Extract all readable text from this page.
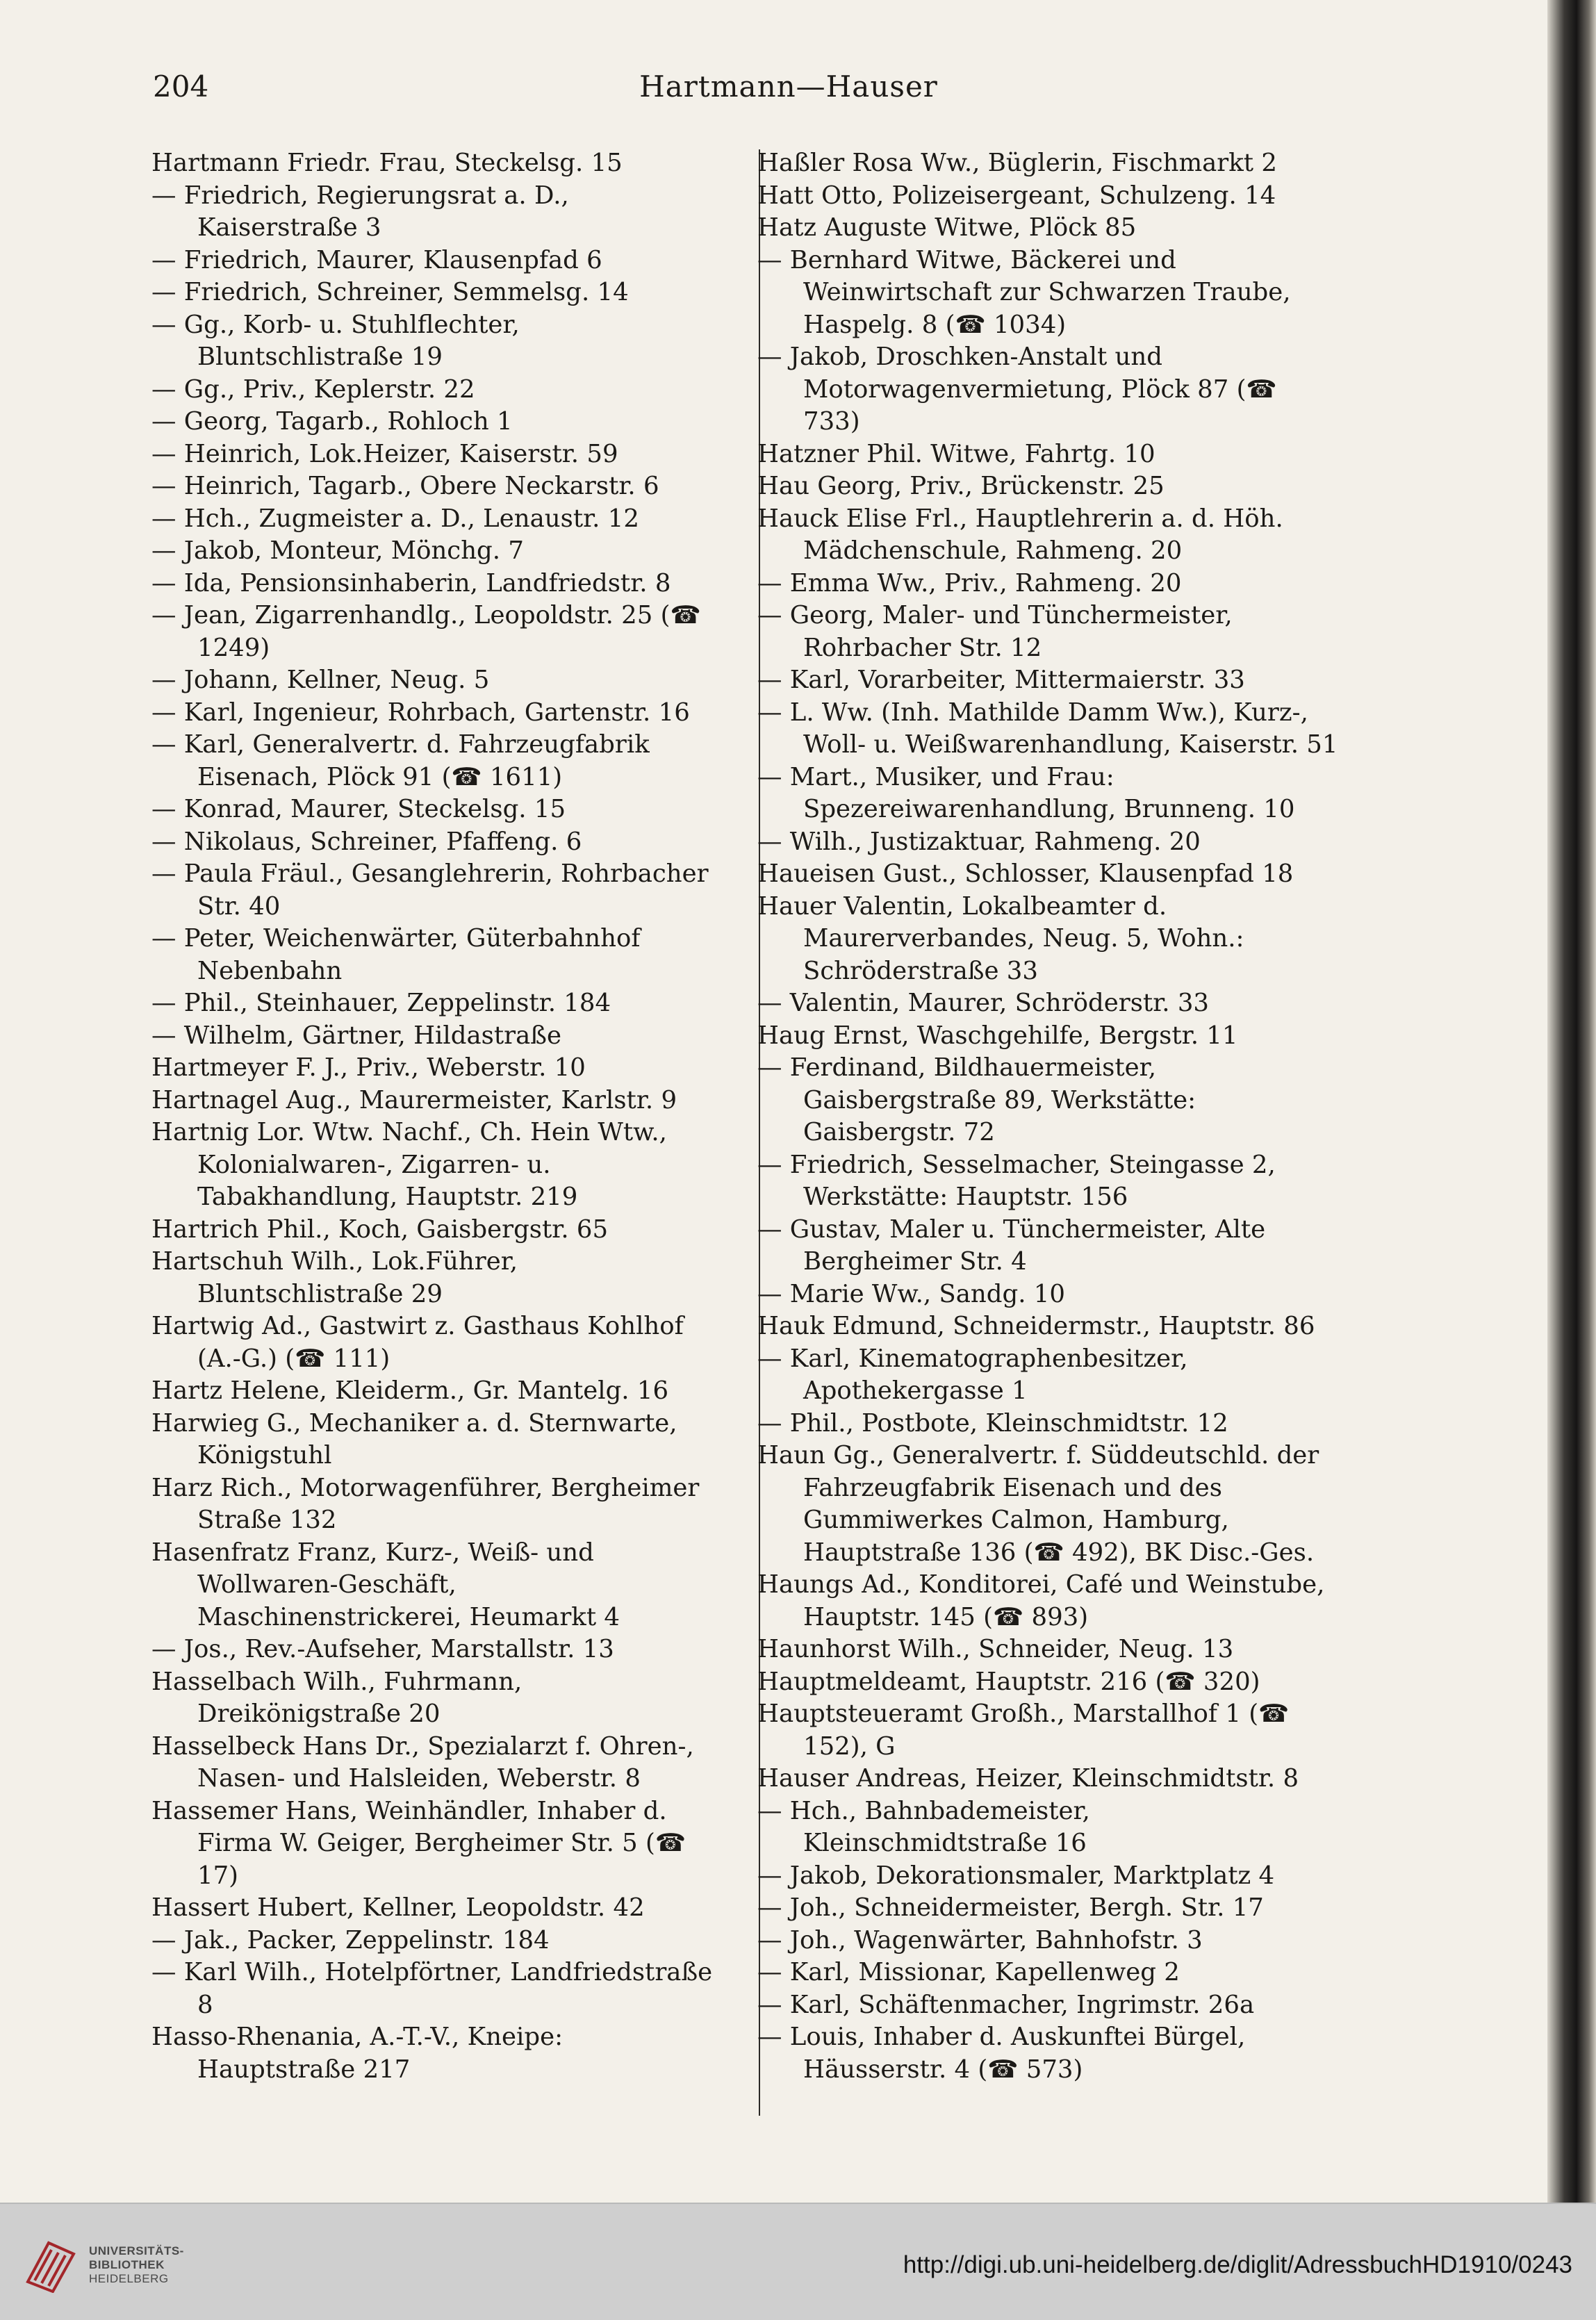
Hartmann—Hauser
204
Hartmann Friedr. Frau, Steckelsg. 15
— Friedrich, Regierungsrat a. D., Kaiserstraße 3
— Friedrich, Maurer, Klausenpfad 6
— Friedrich, Schreiner, Semmelsg. 14
— Gg., Korb- u. Stuhlflechter, Bluntschlistraße 19
— Gg., Priv., Keplerstr. 22
— Georg, Tagarb., Rohloch 1
— Heinrich, Lok.Heizer, Kaiserstr. 59
— Heinrich, Tagarb., Obere Neckarstr. 6
— Hch., Zugmeister a. D., Lenaustr. 12
— Jakob, Monteur, Mönchg. 7
— Ida, Pensionsinhaberin, Landfriedstr. 8
— Jean, Zigarrenhandlg., Leopoldstr. 25 (☎ 1249)
— Johann, Kellner, Neug. 5
— Karl, Ingenieur, Rohrbach, Gartenstr. 16
— Karl, Generalvertr. d. Fahrzeugfabrik Eisenach, Plöck 91 (☎ 1611)
— Konrad, Maurer, Steckelsg. 15
— Nikolaus, Schreiner, Pfaffeng. 6
— Paula Fräul., Gesanglehrerin, Rohrbacher Str. 40
— Peter, Weichenwärter, Güterbahnhof Nebenbahn
— Phil., Steinhauer, Zeppelinstr. 184
— Wilhelm, Gärtner, Hildastraße
Hartmeyer F. J., Priv., Weberstr. 10
Hartnagel Aug., Maurermeister, Karlstr. 9
Hartnig Lor. Wtw. Nachf., Ch. Hein Wtw., Kolonialwaren-, Zigarren- u. Tabakhandlung, Hauptstr. 219
Hartrich Phil., Koch, Gaisbergstr. 65
Hartschuh Wilh., Lok.Führer, Bluntschlistraße 29
Hartwig Ad., Gastwirt z. Gasthaus Kohlhof (A.-G.) (☎ 111)
Hartz Helene, Kleiderm., Gr. Mantelg. 16
Harwieg G., Mechaniker a. d. Sternwarte, Königstuhl
Harz Rich., Motorwagenführer, Bergheimer Straße 132
Hasenfratz Franz, Kurz-, Weiß- und Wollwaren-Geschäft, Maschinenstrickerei, Heumarkt 4
— Jos., Rev.-Aufseher, Marstallstr. 13
Hasselbach Wilh., Fuhrmann, Dreikönigstraße 20
Hasselbeck Hans Dr., Spezialarzt f. Ohren-, Nasen- und Halsleiden, Weberstr. 8
Hassemer Hans, Weinhändler, Inhaber d. Firma W. Geiger, Bergheimer Str. 5 (☎ 17)
Hassert Hubert, Kellner, Leopoldstr. 42
— Jak., Packer, Zeppelinstr. 184
— Karl Wilh., Hotelpförtner, Landfriedstraße 8
Hasso-Rhenania, A.-T.-V., Kneipe: Hauptstraße 217
Haßler Rosa Ww., Büglerin, Fischmarkt 2
Hatt Otto, Polizeisergeant, Schulzeng. 14
Hatz Auguste Witwe, Plöck 85
— Bernhard Witwe, Bäckerei und Weinwirtschaft zur Schwarzen Traube, Haspelg. 8 (☎ 1034)
— Jakob, Droschken-Anstalt und Motorwagenvermietung, Plöck 87 (☎ 733)
Hatzner Phil. Witwe, Fahrtg. 10
Hau Georg, Priv., Brückenstr. 25
Hauck Elise Frl., Hauptlehrerin a. d. Höh. Mädchenschule, Rahmeng. 20
— Emma Ww., Priv., Rahmeng. 20
— Georg, Maler- und Tünchermeister, Rohrbacher Str. 12
— Karl, Vorarbeiter, Mittermaierstr. 33
— L. Ww. (Inh. Mathilde Damm Ww.), Kurz-, Woll- u. Weißwarenhandlung, Kaiserstr. 51
— Mart., Musiker, und Frau: Spezereiwarenhandlung, Brunneng. 10
— Wilh., Justizaktuar, Rahmeng. 20
Haueisen Gust., Schlosser, Klausenpfad 18
Hauer Valentin, Lokalbeamter d. Maurerverbandes, Neug. 5, Wohn.: Schröderstraße 33
— Valentin, Maurer, Schröderstr. 33
Haug Ernst, Waschgehilfe, Bergstr. 11
— Ferdinand, Bildhauermeister, Gaisbergstraße 89, Werkstätte: Gaisbergstr. 72
— Friedrich, Sesselmacher, Steingasse 2, Werkstätte: Hauptstr. 156
— Gustav, Maler u. Tünchermeister, Alte Bergheimer Str. 4
— Marie Ww., Sandg. 10
Hauk Edmund, Schneidermstr., Hauptstr. 86
— Karl, Kinematographenbesitzer, Apothekergasse 1
— Phil., Postbote, Kleinschmidtstr. 12
Haun Gg., Generalvertr. f. Süddeutschld. der Fahrzeugfabrik Eisenach und des Gummiwerkes Calmon, Hamburg, Hauptstraße 136 (☎ 492), BK Disc.-Ges.
Haungs Ad., Konditorei, Café und Weinstube, Hauptstr. 145 (☎ 893)
Haunhorst Wilh., Schneider, Neug. 13
Hauptmeldeamt, Hauptstr. 216 (☎ 320)
Hauptsteueramt Großh., Marstallhof 1 (☎ 152), G
Hauser Andreas, Heizer, Kleinschmidtstr. 8
— Hch., Bahnbademeister, Kleinschmidtstraße 16
— Jakob, Dekorationsmaler, Marktplatz 4
— Joh., Schneidermeister, Bergh. Str. 17
— Joh., Wagenwärter, Bahnhofstr. 3
— Karl, Missionar, Kapellenweg 2
— Karl, Schäftenmacher, Ingrimstr. 26a
— Louis, Inhaber d. Auskunftei Bürgel, Häusserstr. 4 (☎ 573)
UNIVERSITÄTS-
BIBLIOTHEK
HEIDELBERG
http://digi.ub.uni-heidelberg.de/diglit/AdressbuchHD1910/0243
